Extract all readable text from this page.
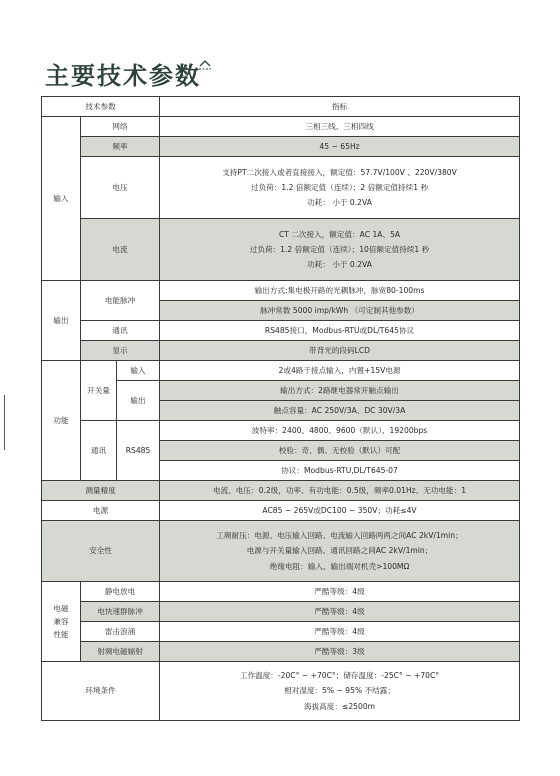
主要技术参数
技术参数			指标
输入	网络		三相三线、三相四线
	频率		45 ~ 65Hz
	电压		支持PT二次接入或者直接接入，额定值：57.7V/100V 、220V/380V
过负荷：1.2 倍额定值（连续）；2 倍额定值持续1 秒
功耗： 小于 0.2VA

	电流		CT 二次接入，额定值：AC 1A、5A
过负荷：1.2 倍额定值（连续）；10倍额定值持续1 秒
功耗： 小于 0.2VA

输出	电能脉冲		输出方式:集电极开路的光耦脉冲，脉宽80-100ms
			脉冲常数 5000 imp/kWh （可定制其他参数）
	通讯		RS485接口，Modbus-RTU或DL/T645协议
	显示		带背光的段码LCD
功能	开关量	输入	2或4路干接点输入，内置+15V电源
		输出	输出方式：2路继电器常开触点输出
			触点容量：AC 250V/3A、DC 30V/3A
	通讯	RS485	波特率：2400、4800、9600（默认）、19200bps
			校验：奇、偶、无校验（默认）可配
			协议：Modbus-RTU,DL/T645-07
测量精度			电流、电压：0.2级，功率、有功电能：0.5级，频率0.01Hz、无功电能：1
电源			AC85 ~ 265V或DC100 ~ 350V；功耗≤4V
安全性			工频耐压：电源、电压输入回路、电流输入回路两两之间AC 2kV/1min；
电源与开关量输入回路、通讯回路之间AC 2kV/1min；
绝缘电阻：输入、输出端对机壳>100MΩ

电磁
兼容
性能	静电放电		严酷等级：4级
	电快速群脉冲		严酷等级：4级
	雷击浪涌		严酷等级：4级
	射频电磁辐射		严酷等级：3级
环境条件			工作温度：-20C° ~ +70C°；储存温度：-25C° ~ +70C°
相对湿度：5% ~ 95% 不结露；
海拔高度：≤2500m
